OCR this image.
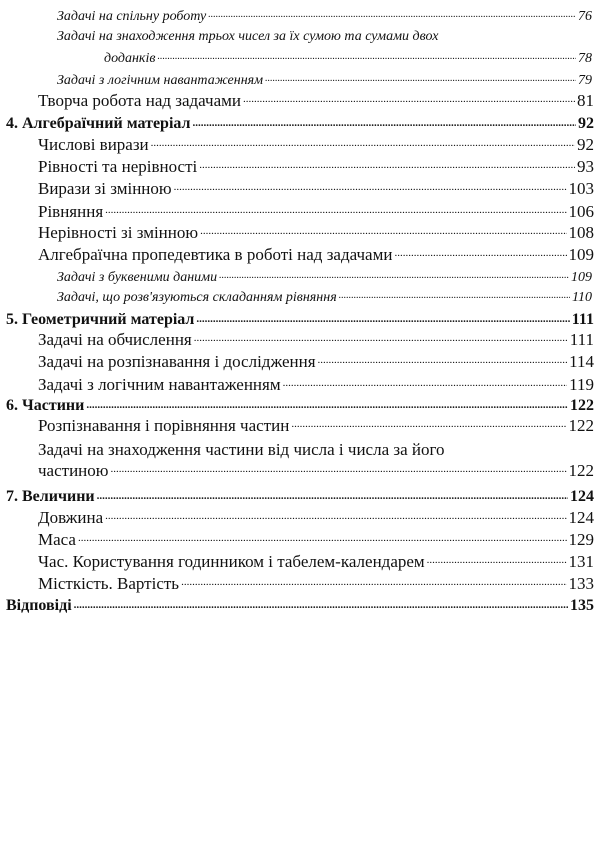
Задачі на спільну роботу .....	76
Задачі на знаходження трьох чисел за їх сумою та сумами двох
доданків .....	78
Задачі з логічним навантаженням .....	79
Творча робота над задачами .....	81
4. Алгебраїчний матеріал .....	92
Числові вирази .....	92
Рівності та нерівності .....	93
Вирази зі змінною .....	103
Рівняння .....	106
Нерівності зі змінною .....	108
Алгебраїчна пропедевтика в роботі над задачами .....	109
Задачі з буквеними даними .....	109
Задачі, що розв'язуються складанням рівняння .....	110
5. Геометричний матеріал .....	111
Задачі на обчислення .....	111
Задачі на розпізнавання і дослідження .....	114
Задачі з логічним навантаженням .....	119
6. Частини .....	122
Розпізнавання і порівняння частин .....	122
Задачі на знаходження частини від числа і числа за його
частиною .....	122
7. Величини .....	124
Довжина .....	124
Маса .....	129
Час. Користування годинником і табелем-календарем .....	131
Місткість. Вартість .....	133
Відповіді .....	135
